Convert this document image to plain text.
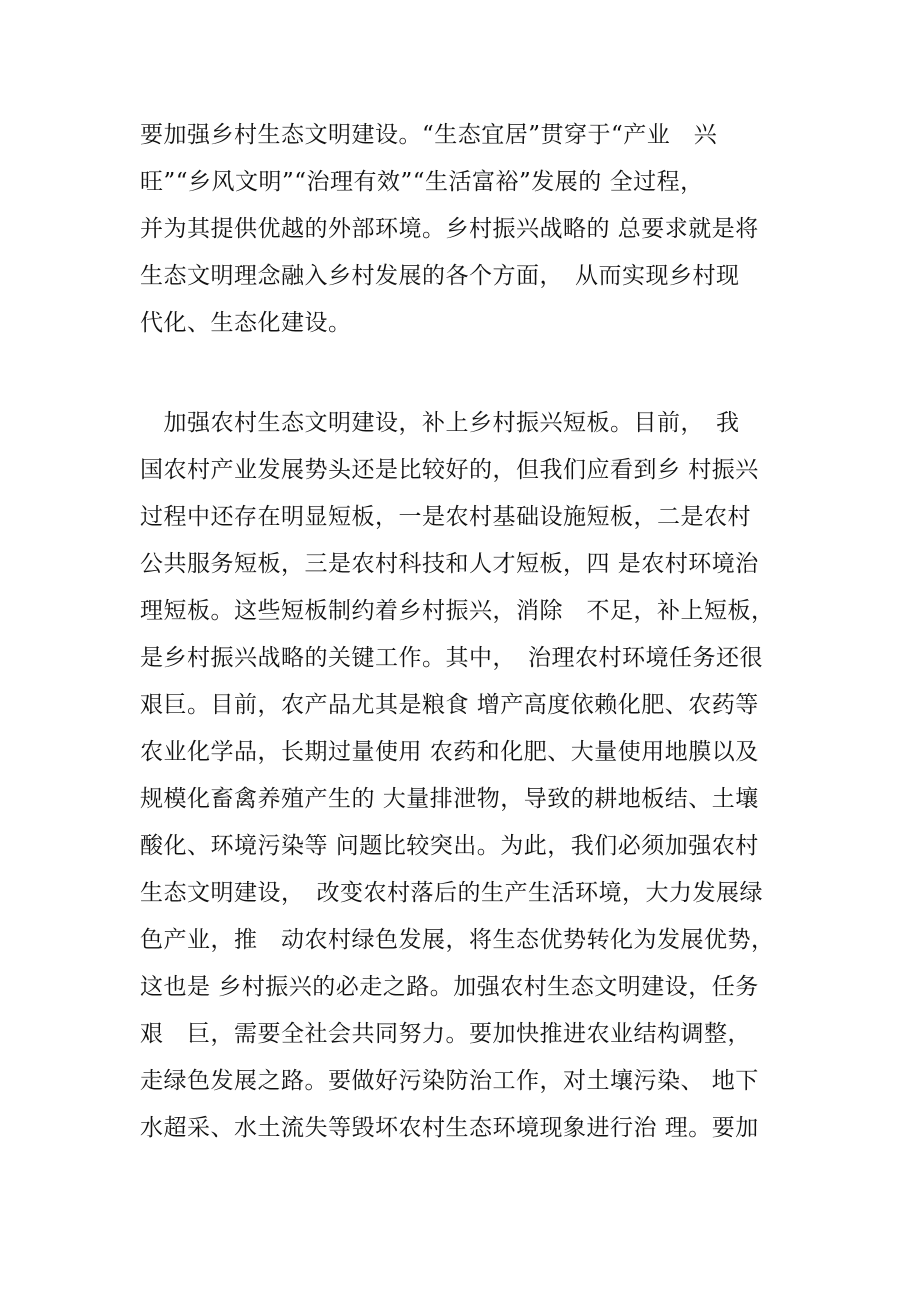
要加强乡村生态文明建设。“生态宜居”贯穿于“产业　兴
旺”“乡风文明”“治理有效”“生活富裕”发展的 全过程，
并为其提供优越的外部环境。乡村振兴战略的 总要求就是将
生态文明理念融入乡村发展的各个方面，　从而实现乡村现
代化、生态化建设。
　加强农村生态文明建设，补上乡村振兴短板。目前，　我
国农村产业发展势头还是比较好的，但我们应看到乡 村振兴
过程中还存在明显短板，一是农村基础设施短板，二是农村
公共服务短板，三是农村科技和人才短板，四 是农村环境治
理短板。这些短板制约着乡村振兴，消除　不足，补上短板，
是乡村振兴战略的关键工作。其中，　治理农村环境任务还很
艰巨。目前，农产品尤其是粮食 增产高度依赖化肥、农药等
农业化学品，长期过量使用 农药和化肥、大量使用地膜以及
规模化畜禽养殖产生的 大量排泄物，导致的耕地板结、土壤
酸化、环境污染等 问题比较突出。为此，我们必须加强农村
生态文明建设，　改变农村落后的生产生活环境，大力发展绿
色产业，推　动农村绿色发展，将生态优势转化为发展优势，
这也是 乡村振兴的必走之路。加强农村生态文明建设，任务
艰　巨，需要全社会共同努力。要加快推进农业结构调整，
走绿色发展之路。要做好污染防治工作，对土壤污染、 地下
水超采、水土流失等毁坏农村生态环境现象进行治 理。要加
